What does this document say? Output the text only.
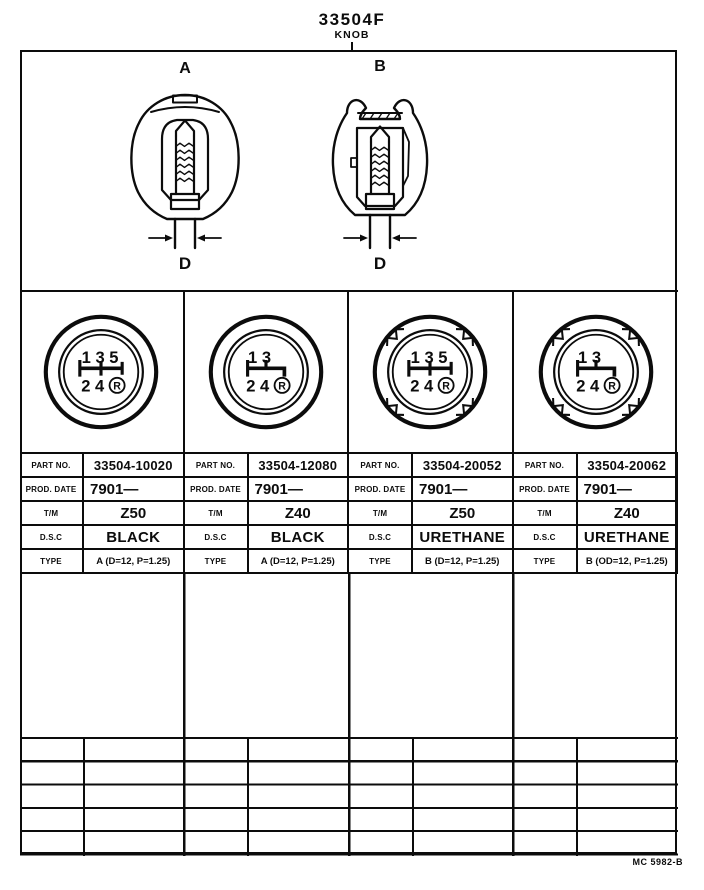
33504F
KNOB
A	B
D	D
1 3 5
2 4 R
1 3
2 4 R
1 3 5
2 4 R
1 3
2 4 R
PART NO.	33504-10020	PART NO.	33504-12080	PART NO.	33504-20052	PART NO.	33504-20062
PROD. DATE 7901—	PROD. DATE 7901—	PROD. DATE 7901—	PROD. DATE 7901—
T/M	Z50	T/M	Z40	T/M	Z50	T/M	Z40
D.S.C	BLACK	D.S.C	BLACK	D.S.C	URETHANE	D.S.C	URETHANE
TYPE	A (D=12, P=1.25)	TYPE	A (D=12, P=1.25)	TYPE	B (D=12, P=1.25)	TYPE	B (OD=12, P=1.25)
MC 5982-B
